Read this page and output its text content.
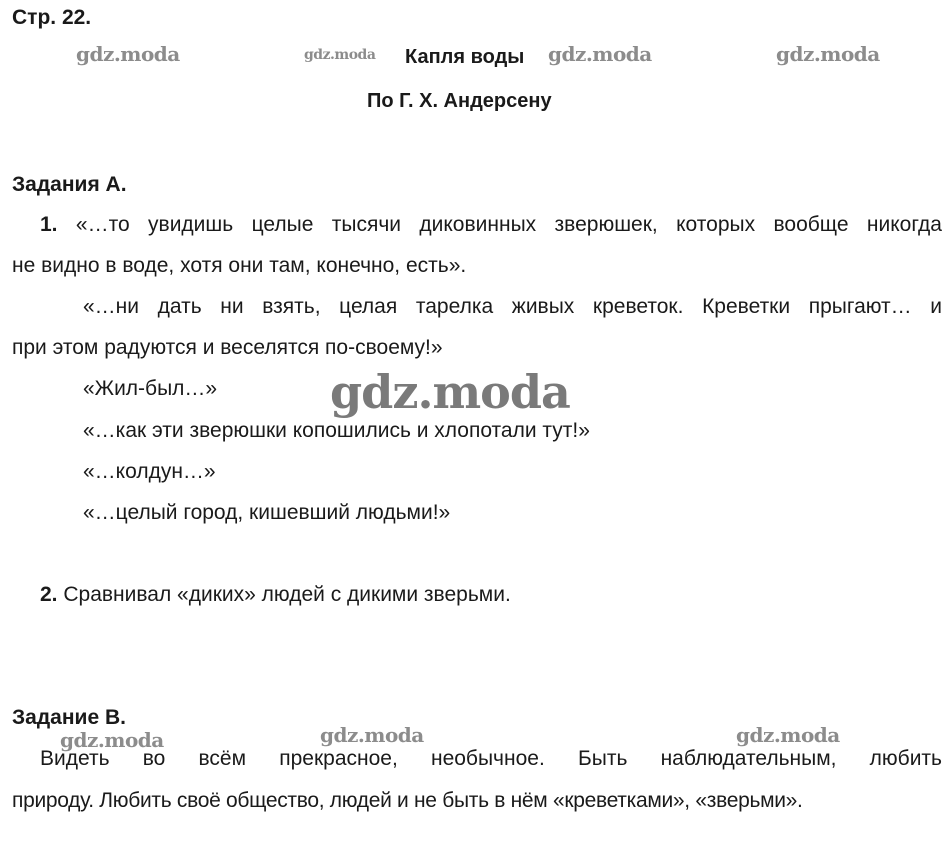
gdz.moda	gdz.moda	gdz.moda	gdz.moda
gdz.moda
gdz.moda	gdz.moda	gdz.moda
Стр. 22.
Капля воды
По Г. Х. Андерсену
Задания А.
1. «…то увидишь целые тысячи диковинных зверюшек, которых вообще никогда
не видно в воде, хотя они там, конечно, есть».
«…ни дать ни взять, целая тарелка живых креветок. Креветки прыгают… и
при этом радуются и веселятся по-своему!»
«Жил-был…»
«…как эти зверюшки копошились и хлопотали тут!»
«…колдун…»
«…целый город, кишевший людьми!»
2. Сравнивал «диких» людей с дикими зверьми.
Задание В.
Видеть во всём прекрасное, необычное. Быть наблюдательным, любить
природу. Любить своё общество, людей и не быть в нём «креветками», «зверьми».
